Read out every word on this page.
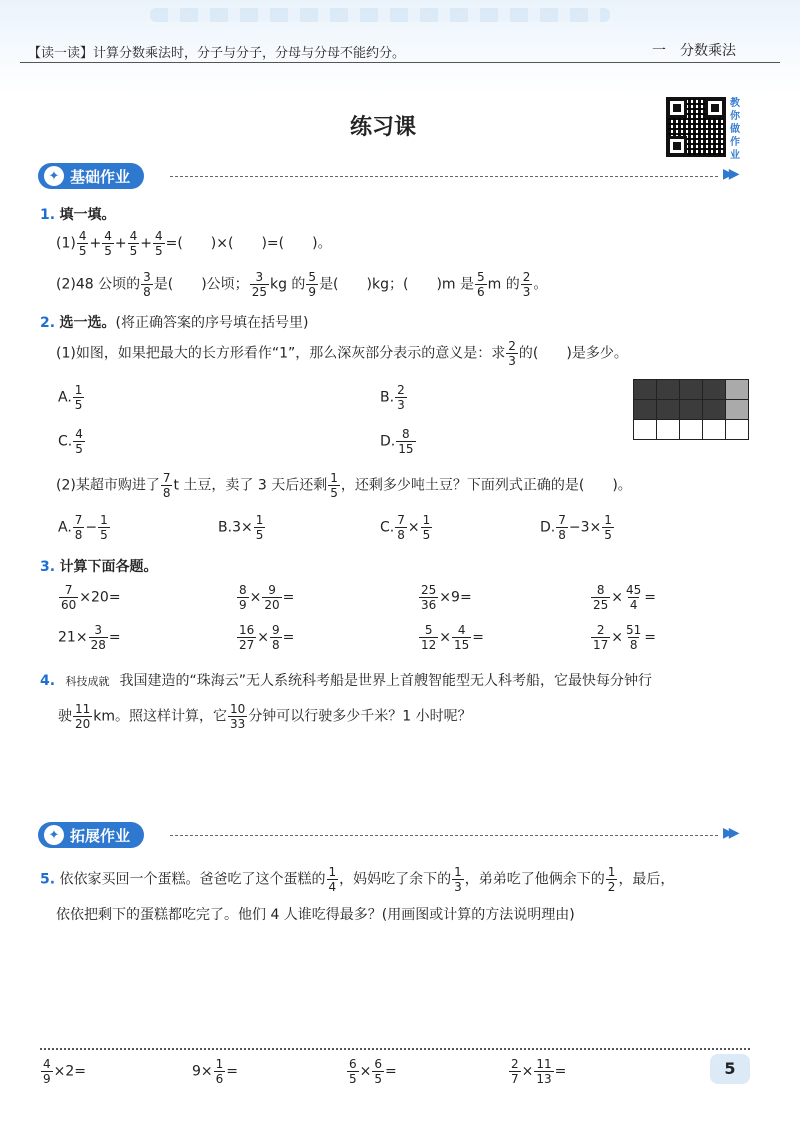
【读一读】计算分数乘法时，分子与分子，分母与分母不能约分。	一　分数乘法
练习课
教你做作业
✦ 基础作业	▶▶
1. 填一填。
$(1) \frac{4}{5} + \frac{4}{5} + \frac{4}{5} + \frac{4}{5}$ =(　　)×(　　)=(　　)。
(2)48 公顷的 $\frac{3}{8}$ 是(　　)公顷； $\frac{3}{25}$ kg 的 $\frac{5}{9}$ 是(　　)kg；(　　)m 是 $\frac{5}{6}$ m 的 $\frac{2}{3}$ 。
2. 选一选。(将正确答案的序号填在括号里)
(1)如图，如果把最大的长方形看作“1”，那么深灰部分表示的意义是：求 $\frac{2}{3}$ 的(　　)是多少。
A. $\frac{1}{5}$	B. $\frac{2}{3}$
C. $\frac{4}{5}$	D. $\frac{8}{15}$

(2)某超市购进了 $\frac{7}{8}$ t 土豆，卖了 3 天后还剩 $\frac{1}{5}$ ，还剩多少吨土豆？下面列式正确的是(　　)。
A. $\frac{7}{8} - \frac{1}{5}$	$B.3\times \frac{1}{5}$	C. $\frac{7}{8} \times \frac{1}{5}$	D. $\frac{7}{8} -3\times \frac{1}{5}$
3. 计算下面各题。
$\frac{7}{60} \times 20=$	$\frac{8}{9} \times \frac{9}{20}$ =	$\frac{25}{36} \times 9=$	$\frac{8}{25} \times \frac{45}{4}$ =
$21\times \frac{3}{28}$ =	$\frac{16}{27} \times \frac{9}{8}$ =	$\frac{5}{12} \times \frac{4}{15}$ =	$\frac{2}{17} \times \frac{51}{8}$ =
4. 科技成就 我国建造的“珠海云”无人系统科考船是世界上首艘智能型无人科考船，它最快每分钟行
驶 $\frac{11}{20}$ km。照这样计算，它 $\frac{10}{33}$ 分钟可以行驶多少千米？1 小时呢？
✦ 拓展作业	▶▶
5. 依依家买回一个蛋糕。爸爸吃了这个蛋糕的 $\frac{1}{4}$ ，妈妈吃了余下的 $\frac{1}{3}$ ，弟弟吃了他俩余下的 $\frac{1}{2}$ ，最后，
依依把剩下的蛋糕都吃完了。他们 4 人谁吃得最多？(用画图或计算的方法说明理由)
$\frac{4}{9} \times 2=$	$9\times \frac{1}{6}$ =	$\frac{6}{5} \times \frac{6}{5}$ =	$\frac{2}{7} \times \frac{11}{13}$ =	5
